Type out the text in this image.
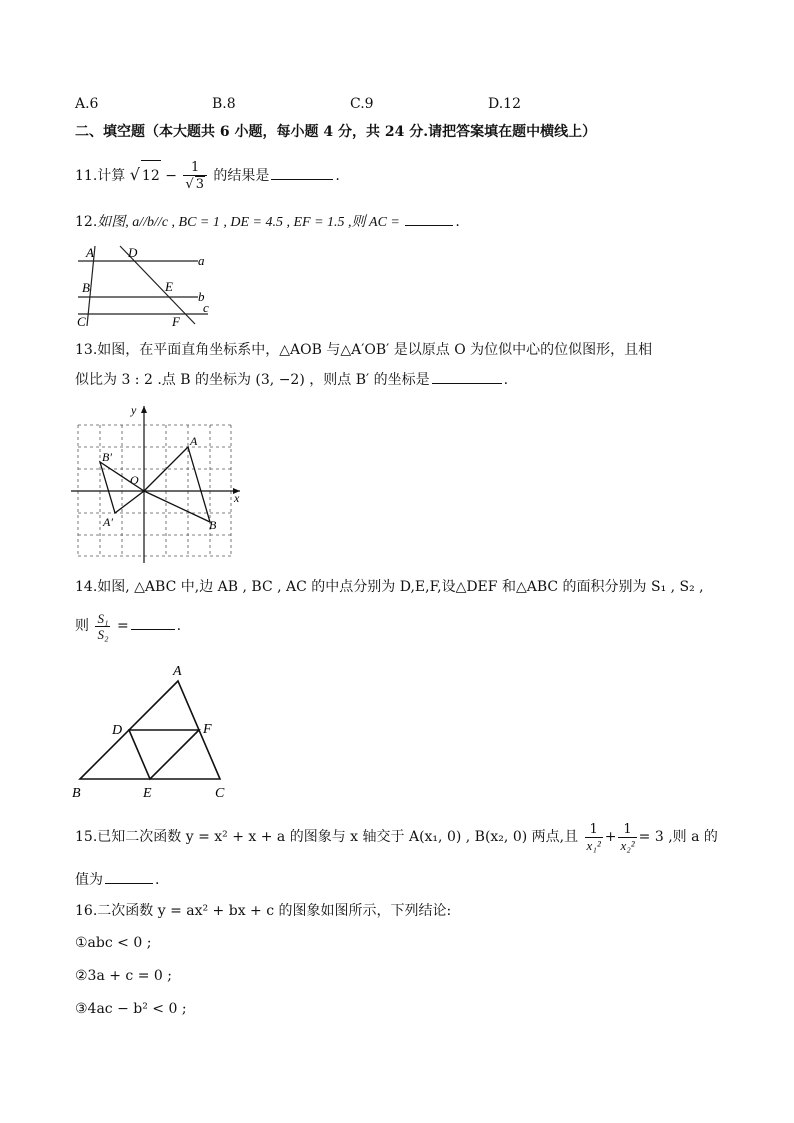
A.6	B.8	C.9	D.12
二、填空题（本大题共 6 小题，每小题 4 分，共 24 分.请把答案填在题中横线上）
11.计算 √ $12 - \frac{1}{√ 3}$ 的结果是	.
12.如图, a//b//c , BC = 1 , DE = 4.5 , EF = 1.5 ,则 AC =	.
A	D
a
B	E
b
C	F
c
13.如图，在平面直角坐标系中，△AOB 与△A′OB′ 是以原点 O 为位似中心的位似图形，且相
似比为 3 : 2 .点 B 的坐标为 (3, −2) ，则点 B′ 的坐标是	.
y
x
O
A
B
A′
B′
14.如图, △ABC 中,边 AB , BC , AC 的中点分别为 D,E,F,设△DEF 和△ABC 的面积分别为 S₁ , S₂ ,
则 $\frac{\text{S₁}}{\text{S₂}}$ =	.
A
B	C
D
E
F
15.已知二次函数 y = x² + x + a 的图象与 x 轴交于 A(x₁, 0) , B(x₂, 0) 两点,且 $\frac{1}{\text{x₁²}} + \frac{1}{\text{x₂²}} = 3$ ,则 a 的
值为	.
16.二次函数 y = ax² + bx + c 的图象如图所示，下列结论:
①abc < 0 ;
②3a + c = 0 ;
③4ac − b² < 0 ;
